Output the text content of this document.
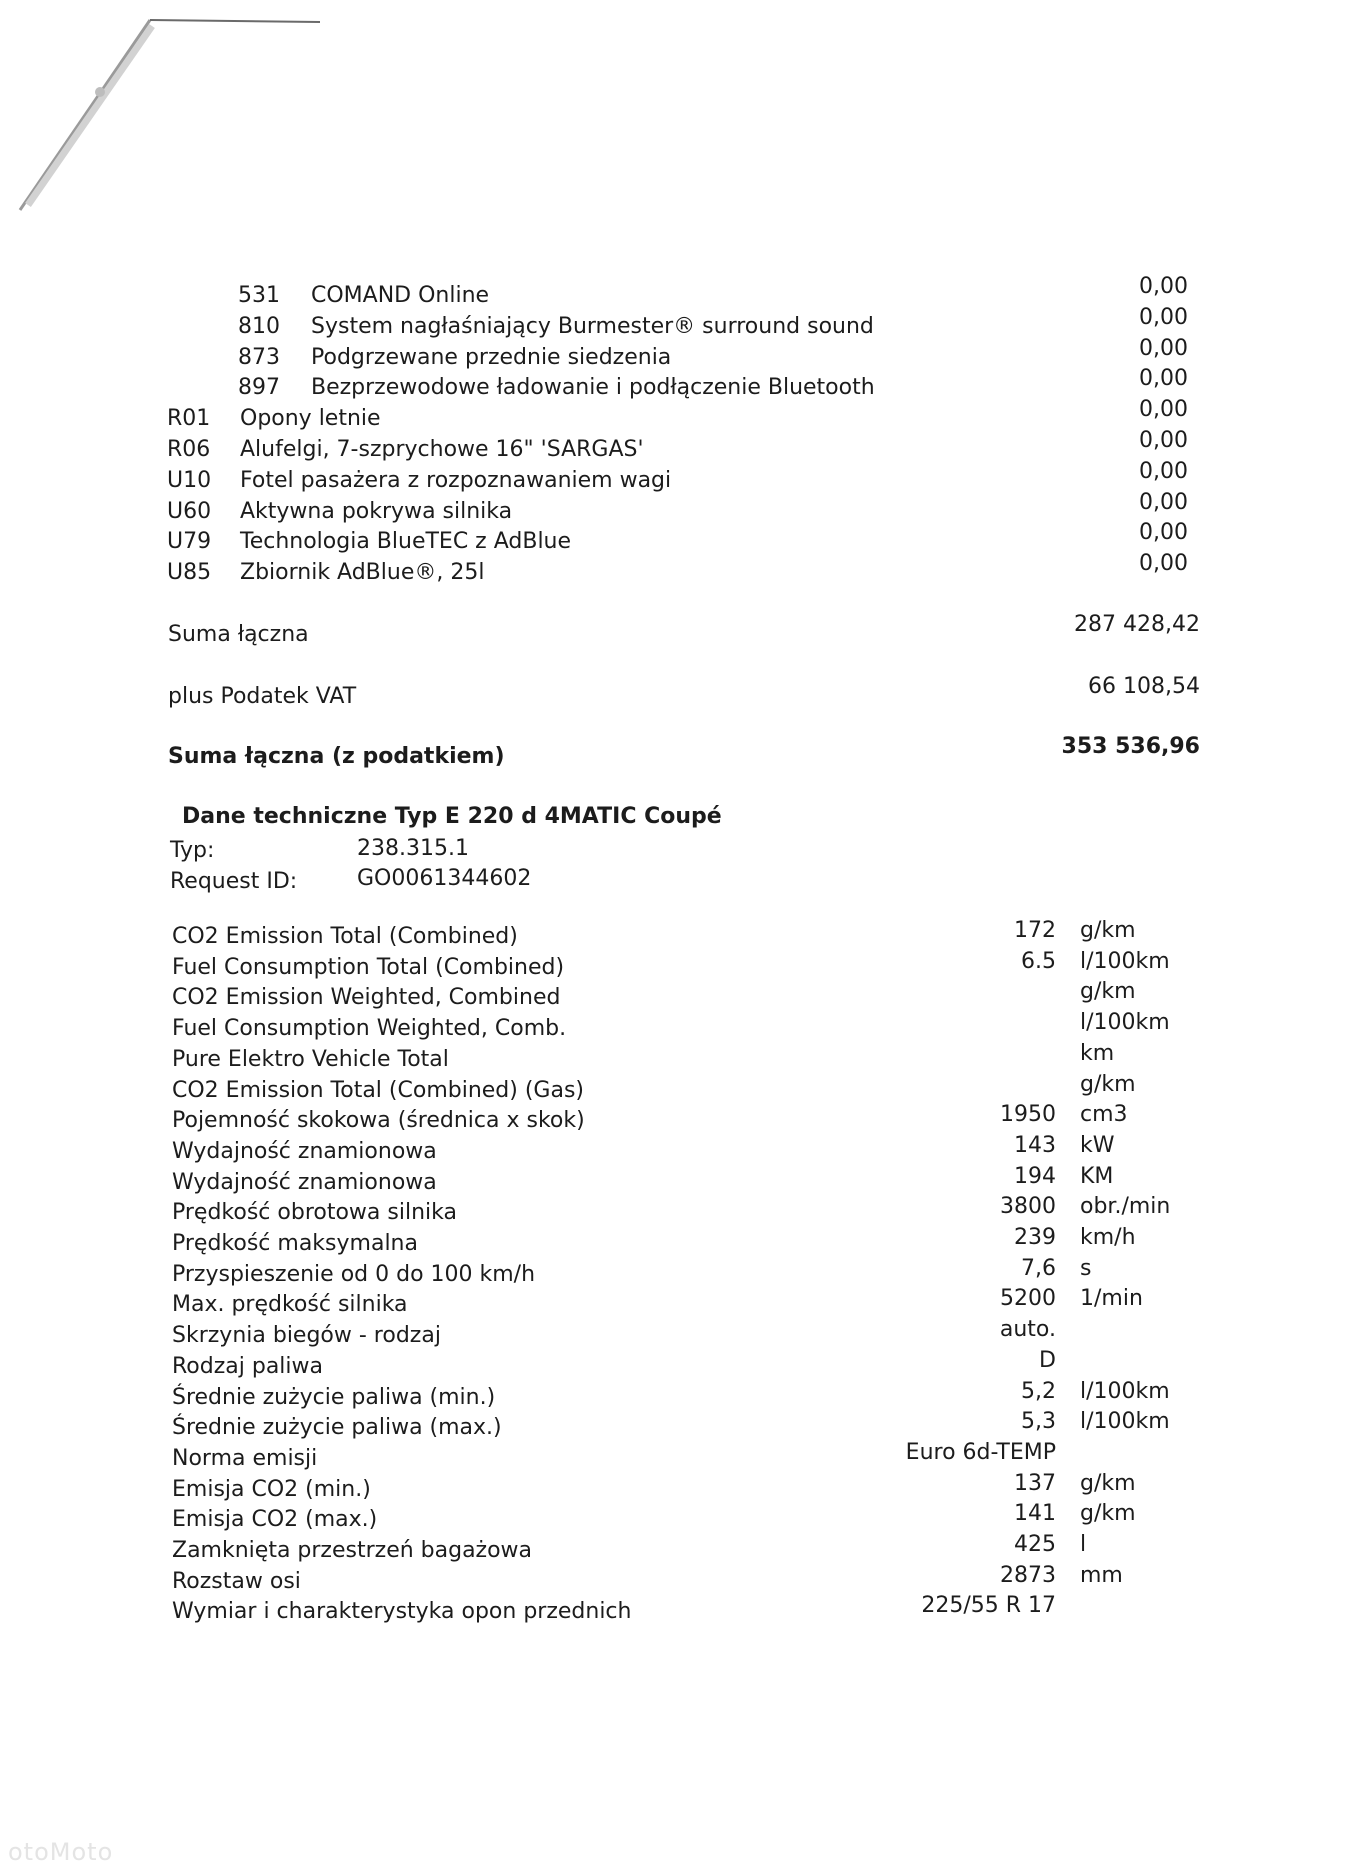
531 COMAND Online	0,00
810 System nagłaśniający Burmester® surround sound	0,00
873 Podgrzewane przednie siedzenia	0,00
897 Bezprzewodowe ładowanie i podłączenie Bluetooth	0,00
R01 Opony letnie	0,00
R06 Alufelgi, 7-szprychowe 16" 'SARGAS'	0,00
U10 Fotel pasażera z rozpoznawaniem wagi	0,00
U60 Aktywna pokrywa silnika	0,00
U79 Technologia BlueTEC z AdBlue	0,00
U85 Zbiornik AdBlue®, 25l	0,00
Suma łączna	287 428,42
plus Podatek VAT	66 108,54
Suma łączna (z podatkiem)	353 536,96
Dane techniczne Typ E 220 d 4MATIC Coupé
Typ:	238.315.1
Request ID:	GO0061344602
CO2 Emission Total (Combined)	172 g/km
Fuel Consumption Total (Combined)	6.5 l/100km
CO2 Emission Weighted, Combined	g/km
Fuel Consumption Weighted, Comb.	l/100km
Pure Elektro Vehicle Total	km
CO2 Emission Total (Combined) (Gas)	g/km
Pojemność skokowa (średnica x skok)	1950 cm3
Wydajność znamionowa	143 kW
Wydajność znamionowa	194 KM
Prędkość obrotowa silnika	3800 obr./min
Prędkość maksymalna	239 km/h
Przyspieszenie od 0 do 100 km/h	7,6 s
Max. prędkość silnika	5200 1/min
Skrzynia biegów - rodzaj	auto.
Rodzaj paliwa	D
Średnie zużycie paliwa (min.)	5,2 l/100km
Średnie zużycie paliwa (max.)	5,3 l/100km
Norma emisji	Euro 6d-TEMP
Emisja CO2 (min.)	137 g/km
Emisja CO2 (max.)	141 g/km
Zamknięta przestrzeń bagażowa	425 l
Rozstaw osi	2873 mm
Wymiar i charakterystyka opon przednich	225/55 R 17
otoMoto
